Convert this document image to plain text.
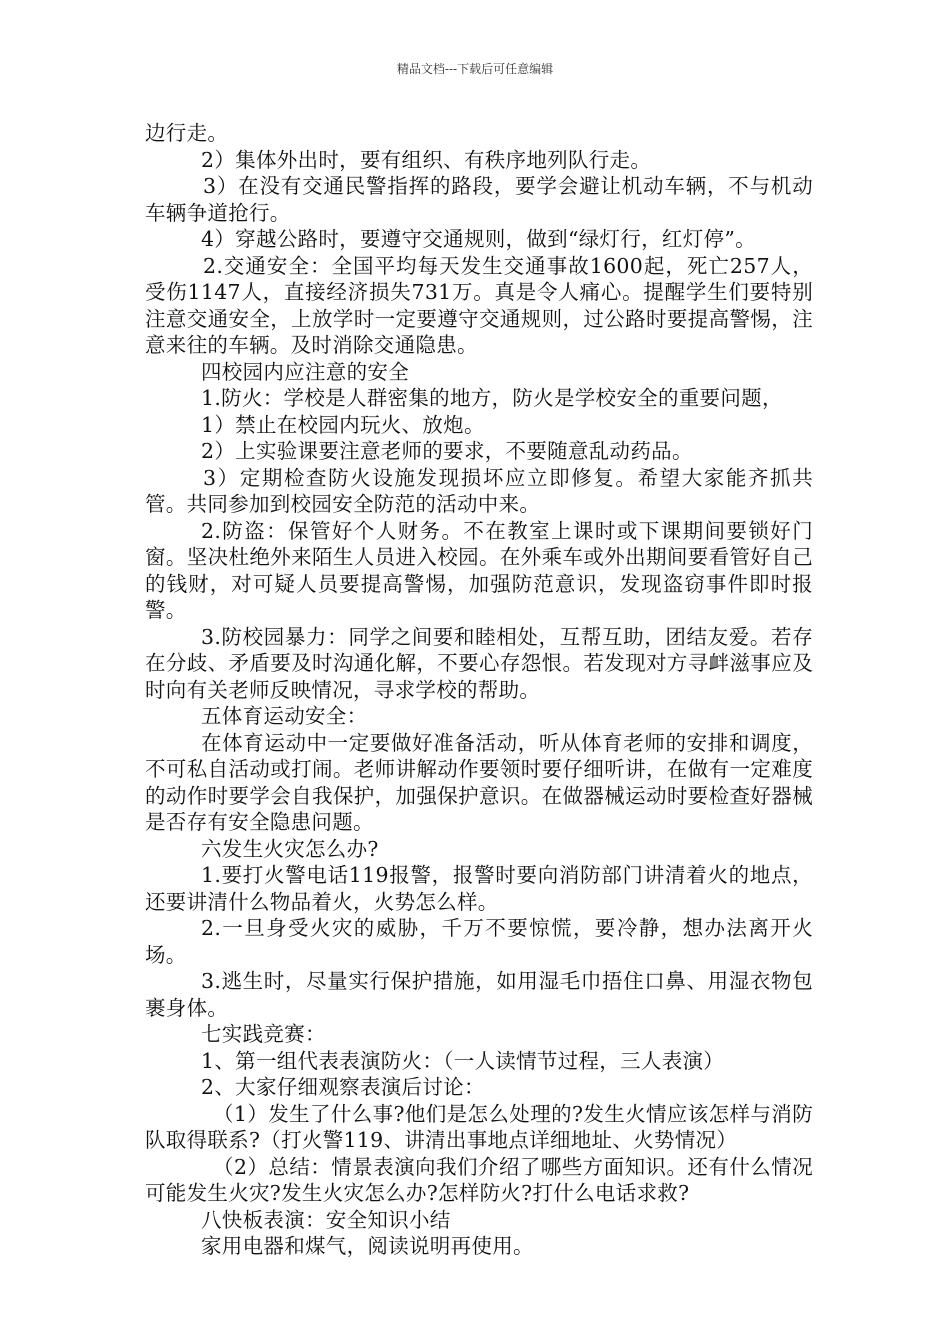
精品文档---下载后可任意编辑

边行走。

2）集体外出时，要有组织、有秩序地列队行走。

3）在没有交通民警指挥的路段，要学会避让机动车辆，不与机动车辆争道抢行。

4）穿越公路时，要遵守交通规则，做到“绿灯行，红灯停”。

2.交通安全：全国平均每天发生交通事故1600起，死亡257人，受伤1147人，直接经济损失731万。真是令人痛心。提醒学生们要特别注意交通安全，上放学时一定要遵守交通规则，过公路时要提高警惕，注意来往的车辆。及时消除交通隐患。

四校园内应注意的安全

1.防火：学校是人群密集的地方，防火是学校安全的重要问题，

1）禁止在校园内玩火、放炮。

2）上实验课要注意老师的要求，不要随意乱动药品。

3）定期检查防火设施发现损坏应立即修复。希望大家能齐抓共管。共同参加到校园安全防范的活动中来。

2.防盗：保管好个人财务。不在教室上课时或下课期间要锁好门窗。坚决杜绝外来陌生人员进入校园。在外乘车或外出期间要看管好自己的钱财，对可疑人员要提高警惕，加强防范意识，发现盗窃事件即时报警。

3.防校园暴力：同学之间要和睦相处，互帮互助，团结友爱。若存在分歧、矛盾要及时沟通化解，不要心存怨恨。若发现对方寻衅滋事应及时向有关老师反映情况，寻求学校的帮助。

五体育运动安全：

在体育运动中一定要做好准备活动，听从体育老师的安排和调度，不可私自活动或打闹。老师讲解动作要领时要仔细听讲，在做有一定难度的动作时要学会自我保护，加强保护意识。在做器械运动时要检查好器械是否存有安全隐患问题。

六发生火灾怎么办?

1.要打火警电话119报警，报警时要向消防部门讲清着火的地点，还要讲清什么物品着火，火势怎么样。

2.一旦身受火灾的威胁，千万不要惊慌，要冷静，想办法离开火场。

3.逃生时，尽量实行保护措施，如用湿毛巾捂住口鼻、用湿衣物包裹身体。

七实践竞赛：

1、第一组代表表演防火：（一人读情节过程，三人表演）

2、大家仔细观察表演后讨论：

（1）发生了什么事?他们是怎么处理的?发生火情应该怎样与消防队取得联系?（打火警119、讲清出事地点详细地址、火势情况）

（2）总结：情景表演向我们介绍了哪些方面知识。还有什么情况可能发生火灾?发生火灾怎么办?怎样防火?打什么电话求救?

八快板表演：安全知识小结

家用电器和煤气，阅读说明再使用。
